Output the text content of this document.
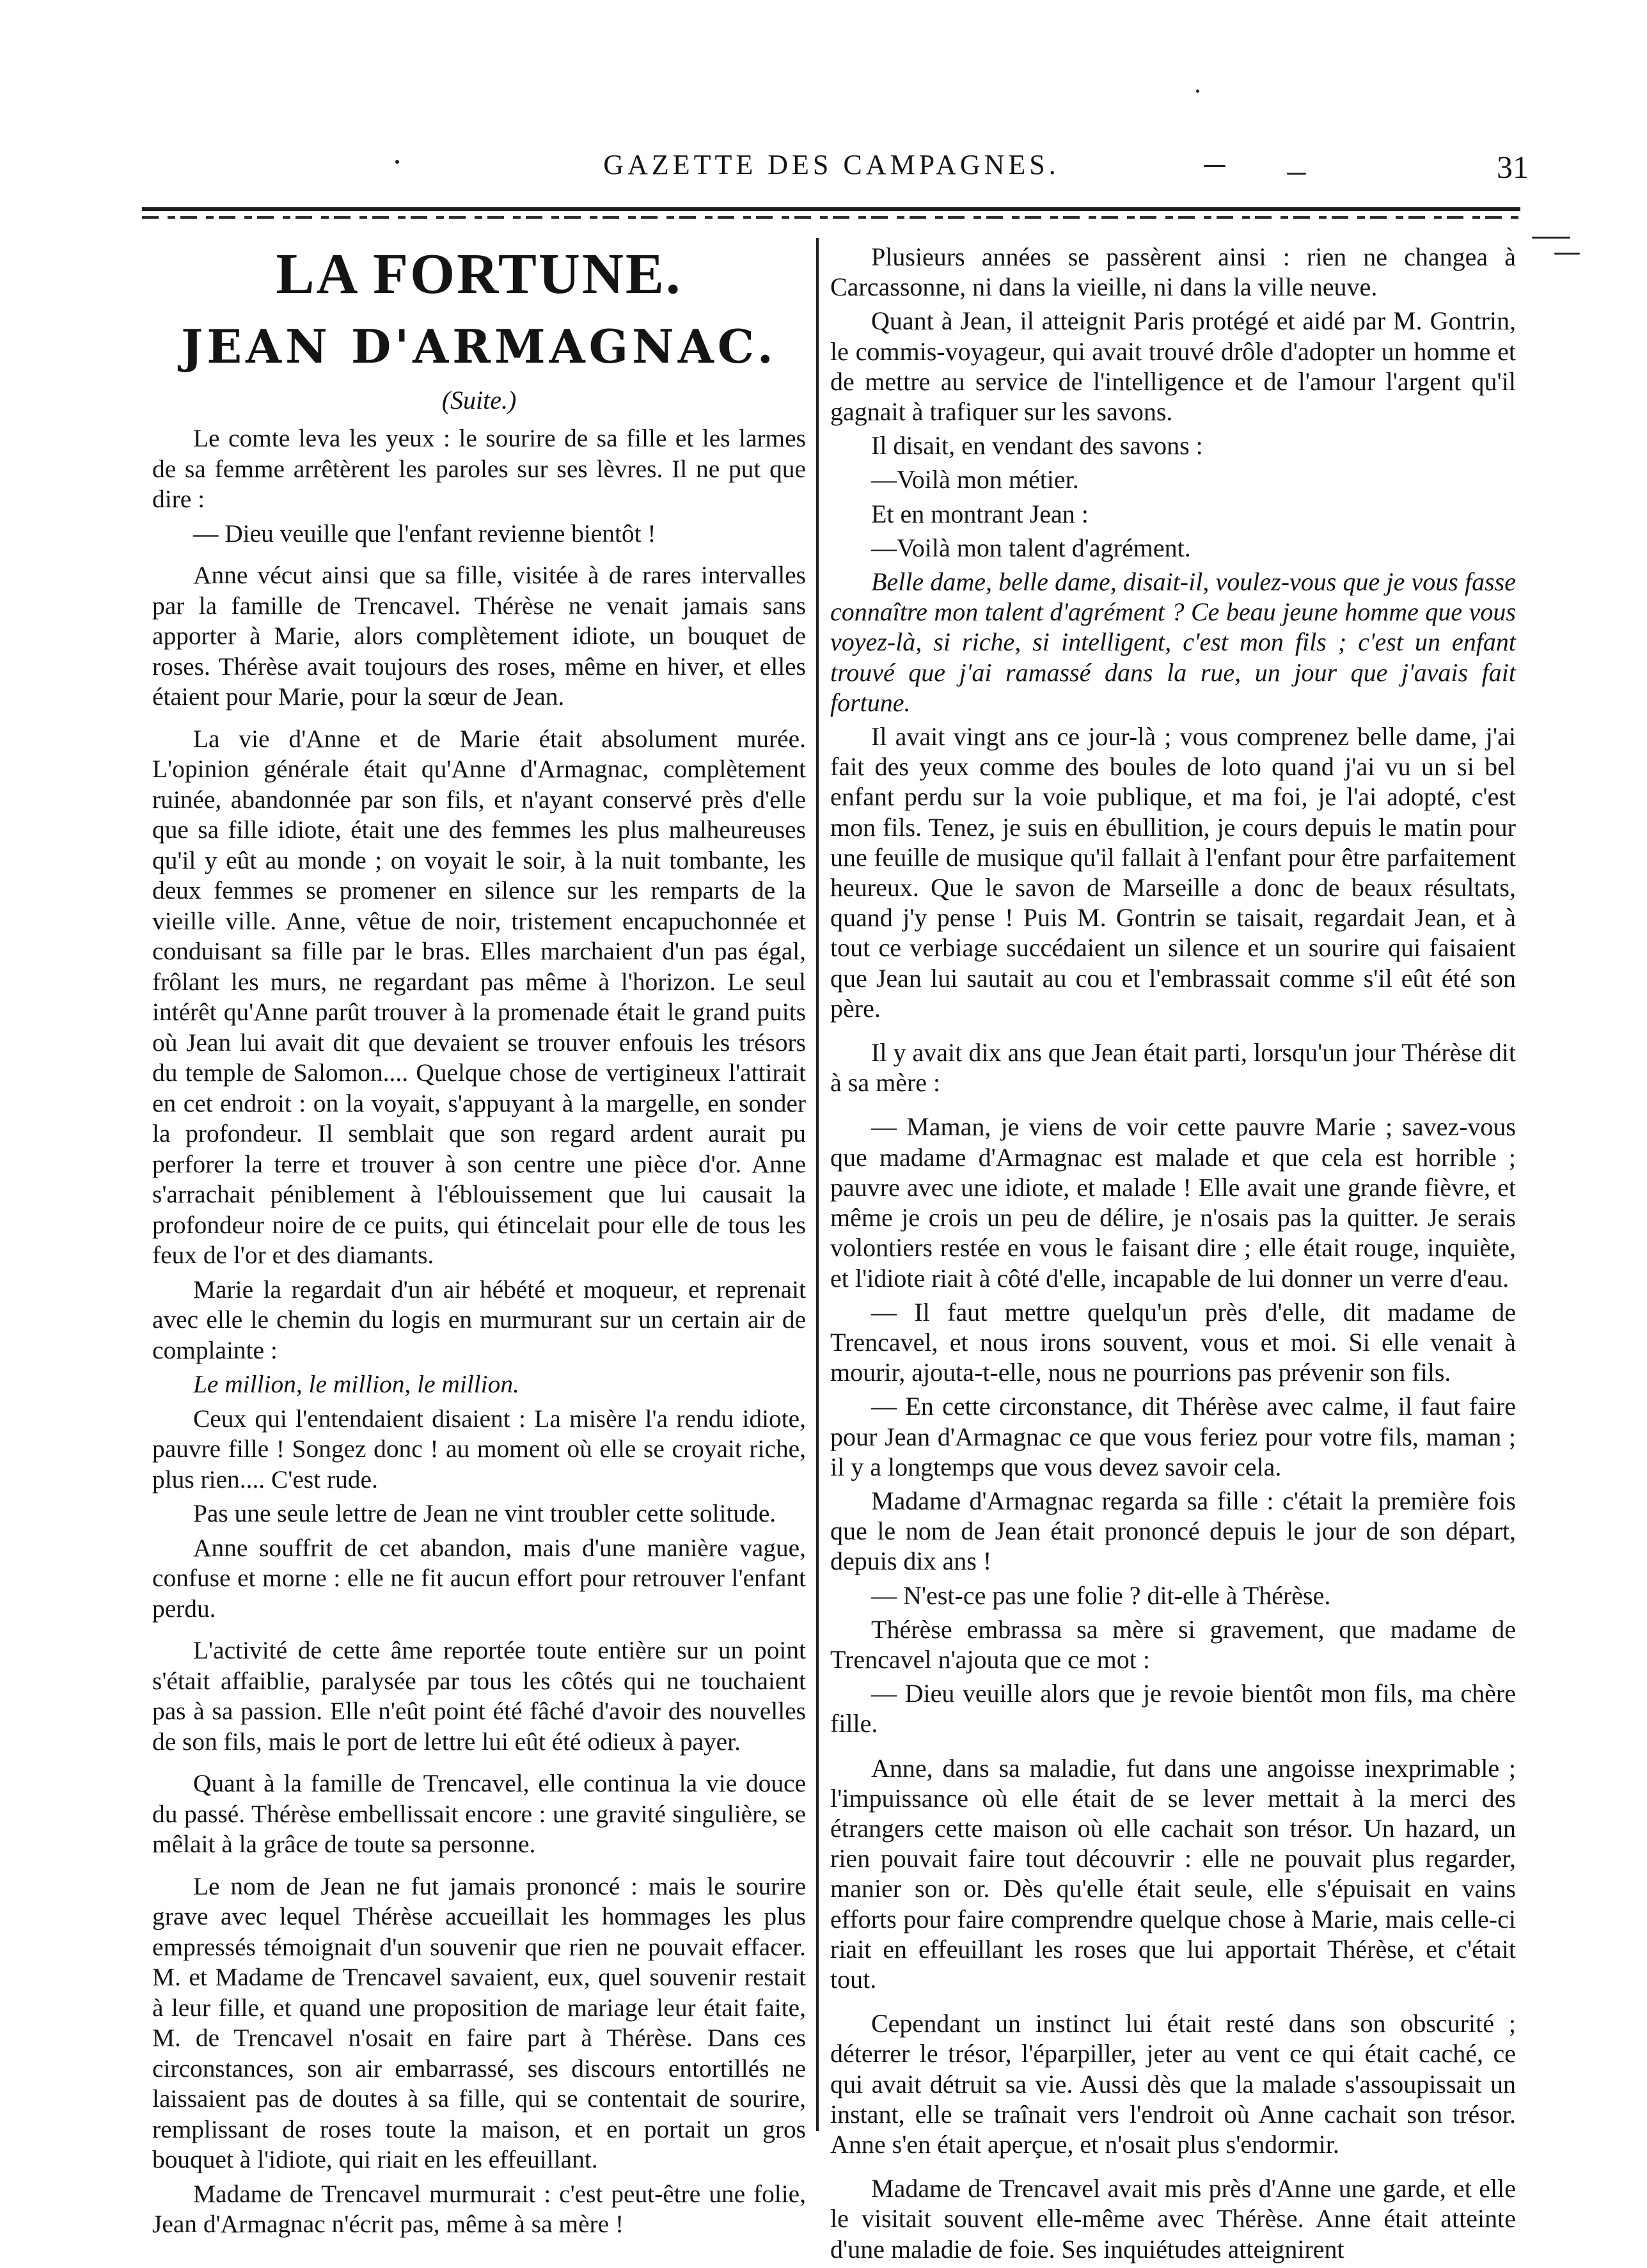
GAZETTE DES CAMPAGNES.	31
LA FORTUNE.
JEAN D'ARMAGNAC.
(Suite.)

Le comte leva les yeux : le sourire de sa fille et les larmes de sa femme arrêtèrent les paroles sur ses lèvres. Il ne put que dire :

— Dieu veuille que l'enfant revienne bientôt !

Anne vécut ainsi que sa fille, visitée à de rares intervalles par la famille de Trencavel. Thérèse ne venait jamais sans apporter à Marie, alors complètement idiote, un bouquet de roses. Thérèse avait toujours des roses, même en hiver, et elles étaient pour Marie, pour la sœur de Jean.

La vie d'Anne et de Marie était absolument murée. L'opinion générale était qu'Anne d'Armagnac, complètement ruinée, abandonnée par son fils, et n'ayant conservé près d'elle que sa fille idiote, était une des femmes les plus malheureuses qu'il y eût au monde ; on voyait le soir, à la nuit tombante, les deux femmes se promener en silence sur les remparts de la vieille ville. Anne, vêtue de noir, tristement encapuchonnée et conduisant sa fille par le bras. Elles marchaient d'un pas égal, frôlant les murs, ne regardant pas même à l'horizon. Le seul intérêt qu'Anne parût trouver à la promenade était le grand puits où Jean lui avait dit que devaient se trouver enfouis les trésors du temple de Salomon.... Quelque chose de vertigineux l'attirait en cet endroit : on la voyait, s'appuyant à la margelle, en sonder la profondeur. Il semblait que son regard ardent aurait pu perforer la terre et trouver à son centre une pièce d'or. Anne s'arrachait péniblement à l'éblouissement que lui causait la profondeur noire de ce puits, qui étincelait pour elle de tous les feux de l'or et des diamants.

Marie la regardait d'un air hébété et moqueur, et reprenait avec elle le chemin du logis en murmurant sur un certain air de complainte :

Le million, le million, le million.

Ceux qui l'entendaient disaient : La misère l'a rendu idiote, pauvre fille ! Songez donc ! au moment où elle se croyait riche, plus rien.... C'est rude.

Pas une seule lettre de Jean ne vint troubler cette solitude.

Anne souffrit de cet abandon, mais d'une manière vague, confuse et morne : elle ne fit aucun effort pour retrouver l'enfant perdu.

L'activité de cette âme reportée toute entière sur un point s'était affaiblie, paralysée par tous les côtés qui ne touchaient pas à sa passion. Elle n'eût point été fâché d'avoir des nouvelles de son fils, mais le port de lettre lui eût été odieux à payer.

Quant à la famille de Trencavel, elle continua la vie douce du passé. Thérèse embellissait encore : une gravité singulière, se mêlait à la grâce de toute sa personne.

Le nom de Jean ne fut jamais prononcé : mais le sourire grave avec lequel Thérèse accueillait les hommages les plus empressés témoignait d'un souvenir que rien ne pouvait effacer. M. et Madame de Trencavel savaient, eux, quel souvenir restait à leur fille, et quand une proposition de mariage leur était faite, M. de Trencavel n'osait en faire part à Thérèse. Dans ces circonstances, son air embarrassé, ses discours entortillés ne laissaient pas de doutes à sa fille, qui se contentait de sourire, remplissant de roses toute la maison, et en portait un gros bouquet à l'idiote, qui riait en les effeuillant.

Madame de Trencavel murmurait : c'est peut-être une folie, Jean d'Armagnac n'écrit pas, même à sa mère !

Plusieurs années se passèrent ainsi : rien ne changea à Carcassonne, ni dans la vieille, ni dans la ville neuve.

Quant à Jean, il atteignit Paris protégé et aidé par M. Gontrin, le commis-voyageur, qui avait trouvé drôle d'adopter un homme et de mettre au service de l'intelligence et de l'amour l'argent qu'il gagnait à trafiquer sur les savons.

Il disait, en vendant des savons :

—Voilà mon métier.

Et en montrant Jean :

—Voilà mon talent d'agrément.

Belle dame, belle dame, disait-il, voulez-vous que je vous fasse connaître mon talent d'agrément ? Ce beau jeune homme que vous voyez-là, si riche, si intelligent, c'est mon fils ; c'est un enfant trouvé que j'ai ramassé dans la rue, un jour que j'avais fait fortune.

Il avait vingt ans ce jour-là ; vous comprenez belle dame, j'ai fait des yeux comme des boules de loto quand j'ai vu un si bel enfant perdu sur la voie publique, et ma foi, je l'ai adopté, c'est mon fils. Tenez, je suis en ébullition, je cours depuis le matin pour une feuille de musique qu'il fallait à l'enfant pour être parfaitement heureux. Que le savon de Marseille a donc de beaux résultats, quand j'y pense ! Puis M. Gontrin se taisait, regardait Jean, et à tout ce verbiage succédaient un silence et un sourire qui faisaient que Jean lui sautait au cou et l'embrassait comme s'il eût été son père.

Il y avait dix ans que Jean était parti, lorsqu'un jour Thérèse dit à sa mère :

— Maman, je viens de voir cette pauvre Marie ; savez-vous que madame d'Armagnac est malade et que cela est horrible ; pauvre avec une idiote, et malade ! Elle avait une grande fièvre, et même je crois un peu de délire, je n'osais pas la quitter. Je serais volontiers restée en vous le faisant dire ; elle était rouge, inquiète, et l'idiote riait à côté d'elle, incapable de lui donner un verre d'eau.

— Il faut mettre quelqu'un près d'elle, dit madame de Trencavel, et nous irons souvent, vous et moi. Si elle venait à mourir, ajouta-t-elle, nous ne pourrions pas prévenir son fils.

— En cette circonstance, dit Thérèse avec calme, il faut faire pour Jean d'Armagnac ce que vous feriez pour votre fils, maman ; il y a longtemps que vous devez savoir cela.

Madame d'Armagnac regarda sa fille : c'était la première fois que le nom de Jean était prononcé depuis le jour de son départ, depuis dix ans !

— N'est-ce pas une folie ? dit-elle à Thérèse.

Thérèse embrassa sa mère si gravement, que madame de Trencavel n'ajouta que ce mot :

— Dieu veuille alors que je revoie bientôt mon fils, ma chère fille.

Anne, dans sa maladie, fut dans une angoisse inexprimable ; l'impuissance où elle était de se lever mettait à la merci des étrangers cette maison où elle cachait son trésor. Un hazard, un rien pouvait faire tout découvrir : elle ne pouvait plus regarder, manier son or. Dès qu'elle était seule, elle s'épuisait en vains efforts pour faire comprendre quelque chose à Marie, mais celle-ci riait en effeuillant les roses que lui apportait Thérèse, et c'était tout.

Cependant un instinct lui était resté dans son obscurité ; déterrer le trésor, l'éparpiller, jeter au vent ce qui était caché, ce qui avait détruit sa vie. Aussi dès que la malade s'assoupissait un instant, elle se traînait vers l'endroit où Anne cachait son trésor. Anne s'en était aperçue, et n'osait plus s'endormir.

Madame de Trencavel avait mis près d'Anne une garde, et elle le visitait souvent elle-même avec Thérèse. Anne était atteinte d'une maladie de foie. Ses inquiétudes atteignirent
